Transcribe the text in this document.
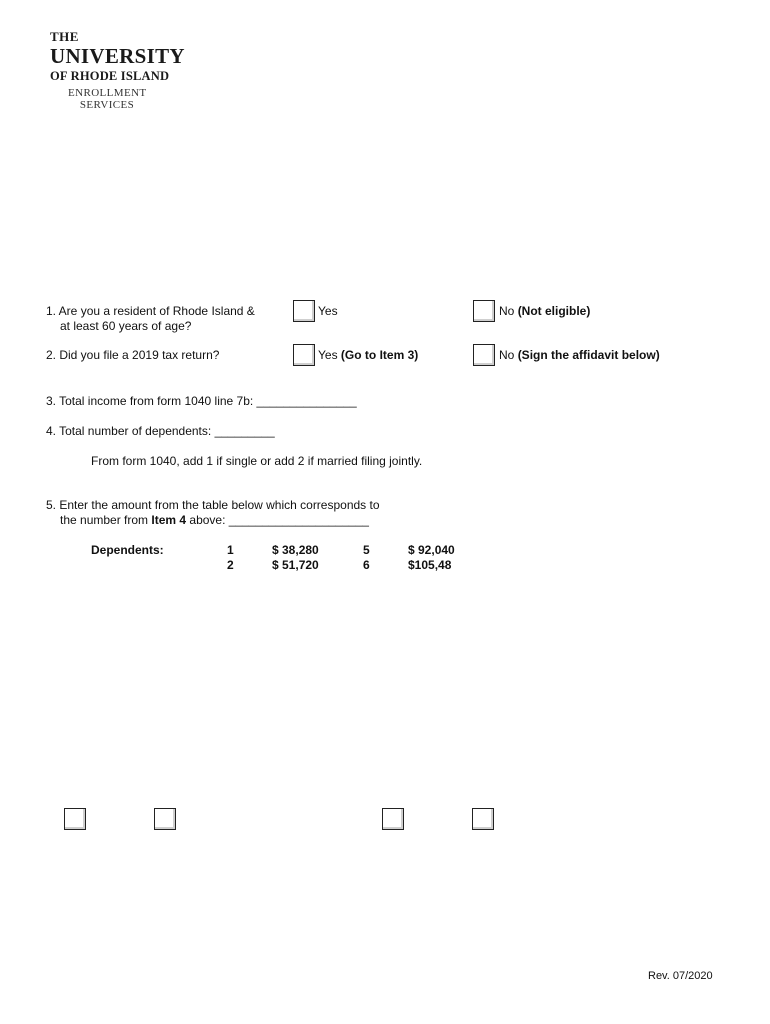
THE
UNIVERSITY
OF RHODE ISLAND
ENROLLMENT
SERVICES
1. Are you a resident of Rhode Island &
at least 60 years of age?
Yes	No (Not eligible)
2. Did you file a 2019 tax return?	Yes (Go to Item 3)	No (Sign the affidavit below)
3. Total income from form 1040 line 7b: _______________
4. Total number of dependents: _________
From form 1040, add 1 if single or add 2 if married filing jointly.
5. Enter the amount from the table below which corresponds to
the number from Item 4 above: _____________________
Dependents:	1	$ 38,280	5	$ 92,040
2	$ 51,720	6	$105,48
Rev. 07/2020
